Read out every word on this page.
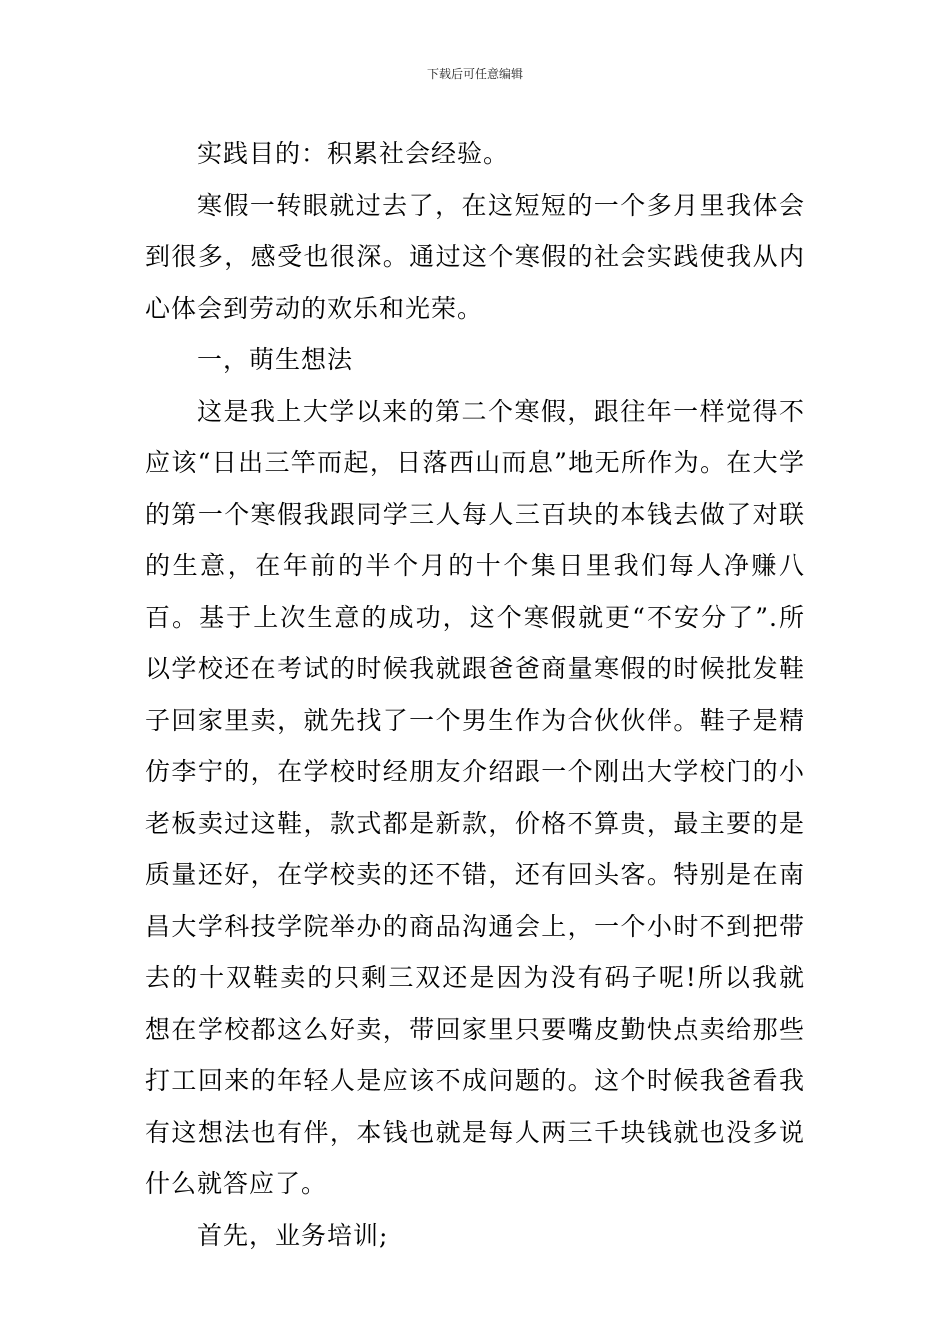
下载后可任意编辑

实践目的：积累社会经验。

寒假一转眼就过去了，在这短短的一个多月里我体会到很多，感受也很深。通过这个寒假的社会实践使我从内心体会到劳动的欢乐和光荣。

一，萌生想法

这是我上大学以来的第二个寒假，跟往年一样觉得不应该“日出三竿而起，日落西山而息”地无所作为。在大学的第一个寒假我跟同学三人每人三百块的本钱去做了对联的生意，在年前的半个月的十个集日里我们每人净赚八百。基于上次生意的成功，这个寒假就更“不安分了”.所以学校还在考试的时候我就跟爸爸商量寒假的时候批发鞋子回家里卖，就先找了一个男生作为合伙伙伴。鞋子是精仿李宁的，在学校时经朋友介绍跟一个刚出大学校门的小老板卖过这鞋，款式都是新款，价格不算贵，最主要的是质量还好，在学校卖的还不错，还有回头客。特别是在南昌大学科技学院举办的商品沟通会上，一个小时不到把带去的十双鞋卖的只剩三双还是因为没有码子呢!所以我就想在学校都这么好卖，带回家里只要嘴皮勤快点卖给那些打工回来的年轻人是应该不成问题的。这个时候我爸看我有这想法也有伴，本钱也就是每人两三千块钱就也没多说什么就答应了。

首先，业务培训;
